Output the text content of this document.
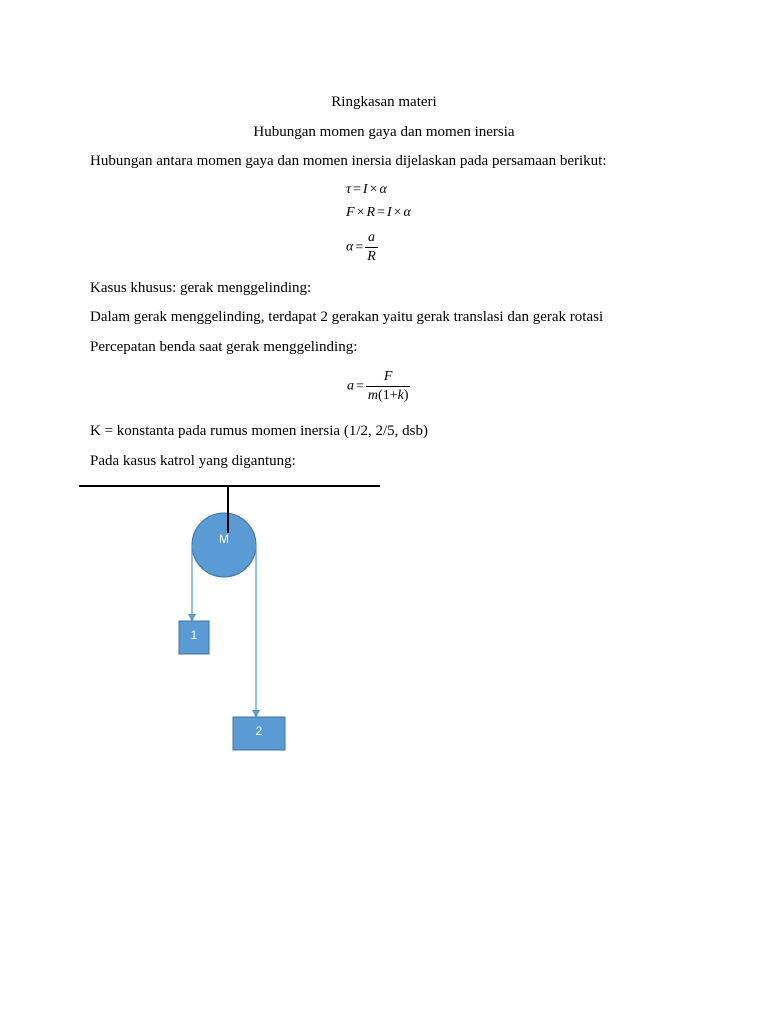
Ringkasan materi
Hubungan momen gaya dan momen inersia
Hubungan antara momen gaya dan momen inersia dijelaskan pada persamaan berikut:
τ = I × α
F × R = I × α
$\alpha = \frac{a}{R}$
Kasus khusus: gerak menggelinding:
Dalam gerak menggelinding, terdapat 2 gerakan yaitu gerak translasi dan gerak rotasi
Percepatan benda saat gerak menggelinding:
$a = \frac{F}{m(1+k)}$
K = konstanta pada rumus momen inersia (1/2, 2/5, dsb)
Pada kasus katrol yang digantung:
M
1
2
